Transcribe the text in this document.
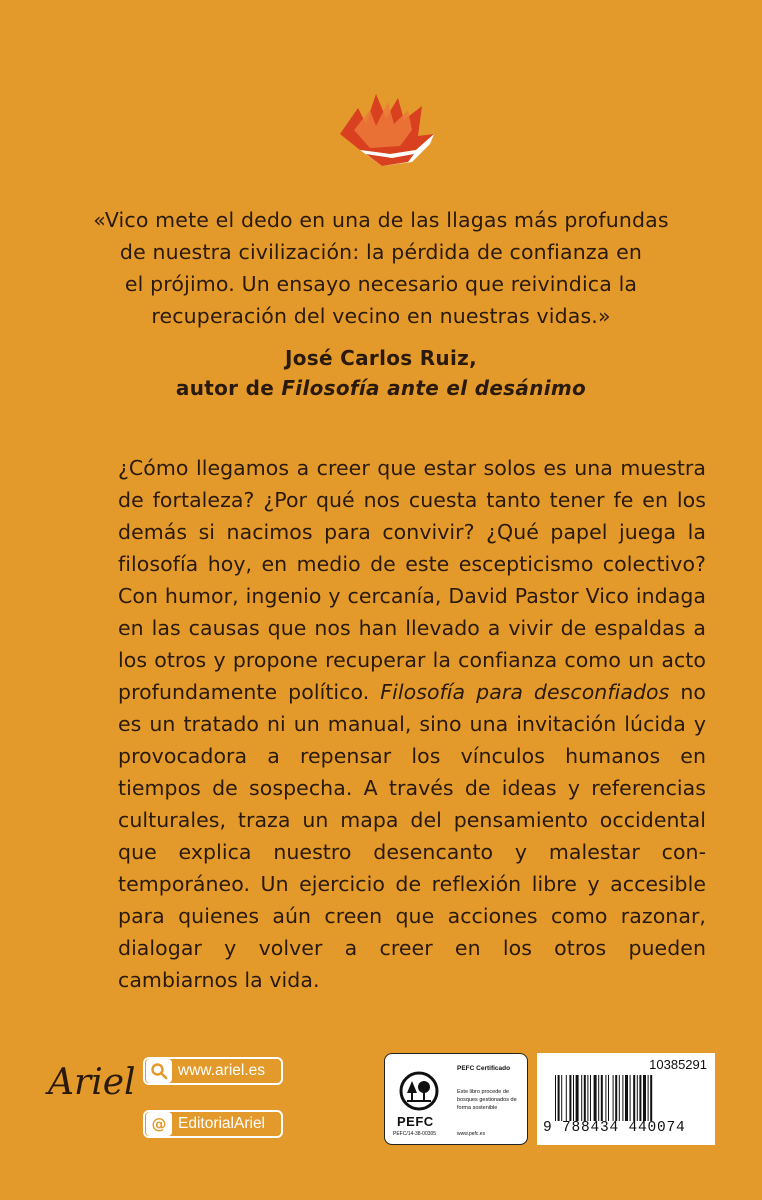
«Vico mete el dedo en una de las llagas más profundas
de nuestra civilización: la pérdida de confianza en
el prójimo. Un ensayo necesario que reivindica la
recuperación del vecino en nuestras vidas.»
José Carlos Ruiz,
autor de Filosofía ante el desánimo
¿Cómo llegamos a creer que estar solos es una muestra de fortaleza? ¿Por qué nos cuesta tanto tener fe en los demás si nacimos para convivir? ¿Qué papel juega la filosofía hoy, en medio de este escepticismo colectivo? Con humor, ingenio y cercanía, David Pastor Vico indaga en las causas que nos han llevado a vivir de espaldas a los otros y propone recuperar la confianza como un acto profundamente político. Filosofía para desconfiados no es un tratado ni un manual, sino una invitación lúcida y provocadora a repensar los vínculos humanos en tiempos de sospecha. A través de ideas y referencias culturales, traza un mapa del pensamiento occidental que explica nuestro desencanto y malestar contemporáneo. Un ejercicio de reflexión libre y accesible para quienes aún creen que acciones como razonar, dialogar y volver a creer en los otros pueden cambiarnos la vida.
Ariel	www.ariel.es
@ EditorialAriel	PEFC
PEFC Certificado
Este libro procede de bosques gestionados de forma sostenible
PEFC/14-38-00305	www.pefc.es
10385291
9 788434 440074
